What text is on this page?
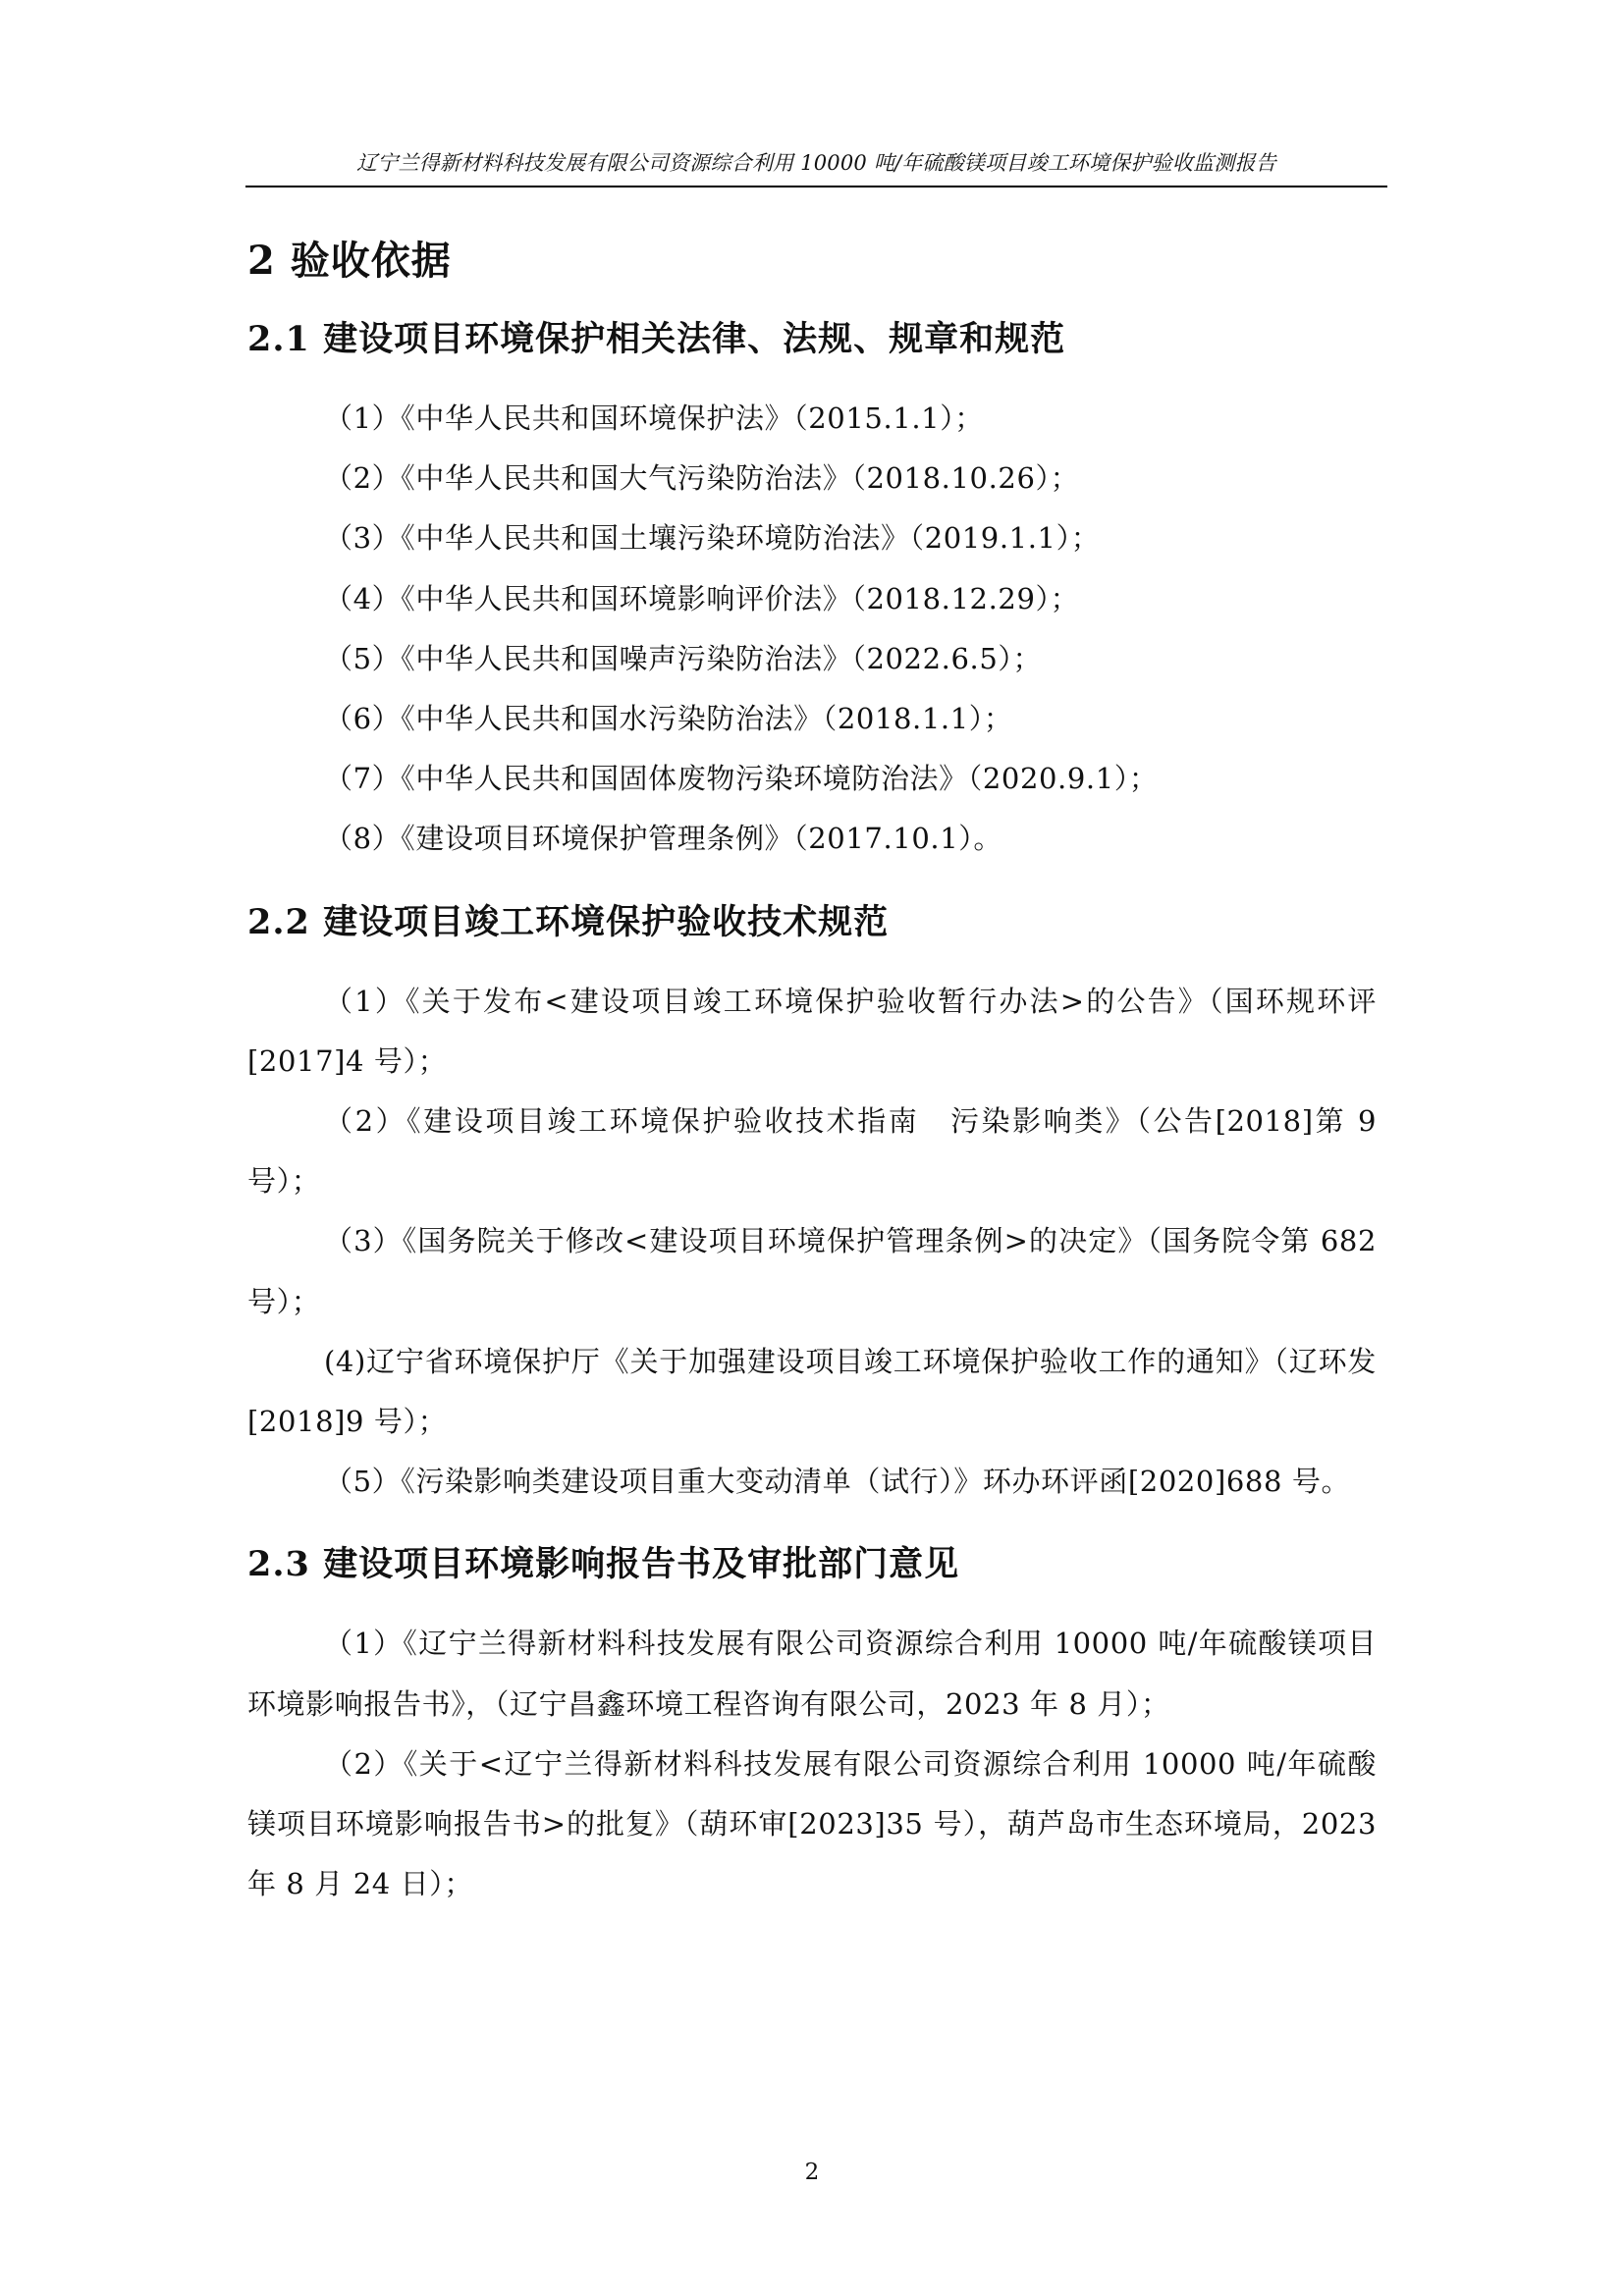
辽宁兰得新材料科技发展有限公司资源综合利用 10000 吨/年硫酸镁项目竣工环境保护验收监测报告
2 验收依据
2.1 建设项目环境保护相关法律、法规、规章和规范
（1）《中华人民共和国环境保护法》（2015.1.1）；
（2）《中华人民共和国大气污染防治法》（2018.10.26）；
（3）《中华人民共和国土壤污染环境防治法》（2019.1.1）；
（4）《中华人民共和国环境影响评价法》（2018.12.29）；
（5）《中华人民共和国噪声污染防治法》（2022.6.5）；
（6）《中华人民共和国水污染防治法》（2018.1.1）；
（7）《中华人民共和国固体废物污染环境防治法》（2020.9.1）；
（8）《建设项目环境保护管理条例》（2017.10.1）。
2.2 建设项目竣工环境保护验收技术规范
（1）《关于发布<建设项目竣工环境保护验收暂行办法>的公告》（国环规环评[2017]4 号）；
（2）《建设项目竣工环境保护验收技术指南　污染影响类》（公告[2018]第 9 号）；
（3）《国务院关于修改<建设项目环境保护管理条例>的决定》（国务院令第 682 号）；
(4)辽宁省环境保护厅《关于加强建设项目竣工环境保护验收工作的通知》（辽环发[2018]9 号）；
（5）《污染影响类建设项目重大变动清单（试行）》环办环评函[2020]688 号。
2.3 建设项目环境影响报告书及审批部门意见
（1）《辽宁兰得新材料科技发展有限公司资源综合利用 10000 吨/年硫酸镁项目环境影响报告书》，（辽宁昌鑫环境工程咨询有限公司，2023 年 8 月）；
（2）《关于<辽宁兰得新材料科技发展有限公司资源综合利用 10000 吨/年硫酸镁项目环境影响报告书>的批复》（葫环审[2023]35 号），葫芦岛市生态环境局，2023 年 8 月 24 日）；
2
